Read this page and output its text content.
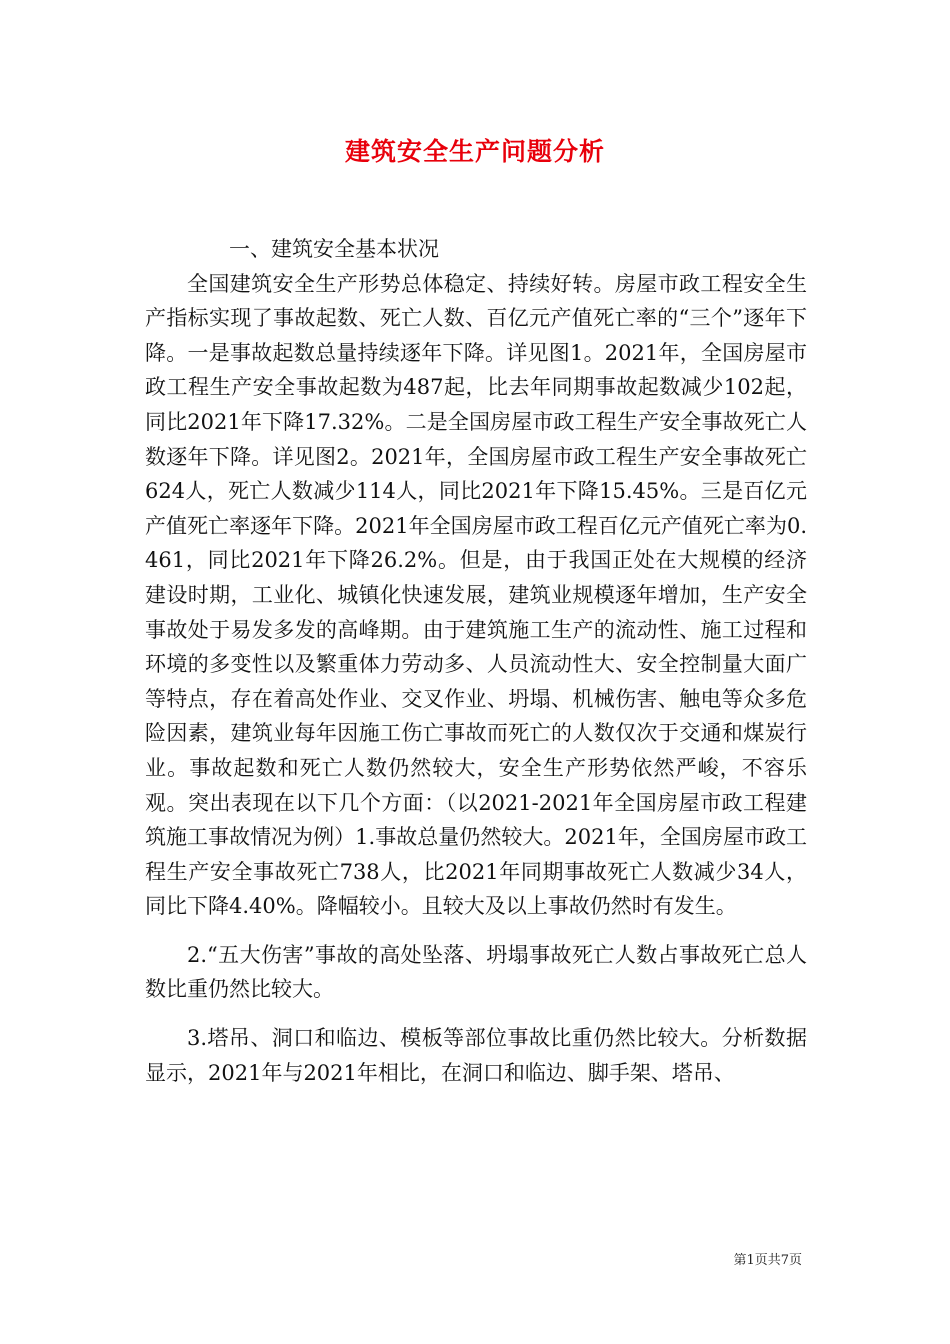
建筑安全生产问题分析

一、建筑安全基本状况

全国建筑安全生产形势总体稳定、持续好转。房屋市政工程安全生产指标实现了事故起数、死亡人数、百亿元产值死亡率的“三个”逐年下降。一是事故起数总量持续逐年下降。详见图1。2021年，全国房屋市政工程生产安全事故起数为487起，比去年同期事故起数减少102起，同比2021年下降17.32%。二是全国房屋市政工程生产安全事故死亡人数逐年下降。详见图2。2021年，全国房屋市政工程生产安全事故死亡624人，死亡人数减少114人，同比2021年下降15.45%。三是百亿元产值死亡率逐年下降。2021年全国房屋市政工程百亿元产值死亡率为0.461，同比2021年下降26.2%。但是，由于我国正处在大规模的经济建设时期，工业化、城镇化快速发展，建筑业规模逐年增加，生产安全事故处于易发多发的高峰期。由于建筑施工生产的流动性、施工过程和环境的多变性以及繁重体力劳动多、人员流动性大、安全控制量大面广等特点，存在着高处作业、交叉作业、坍塌、机械伤害、触电等众多危险因素，建筑业每年因施工伤亡事故而死亡的人数仅次于交通和煤炭行业。事故起数和死亡人数仍然较大，安全生产形势依然严峻，不容乐观。突出表现在以下几个方面：（以2021-2021年全国房屋市政工程建筑施工事故情况为例）1.事故总量仍然较大。2021年，全国房屋市政工程生产安全事故死亡738人，比2021年同期事故死亡人数减少34人，同比下降4.40%。降幅较小。且较大及以上事故仍然时有发生。

2.“五大伤害”事故的高处坠落、坍塌事故死亡人数占事故死亡总人数比重仍然比较大。

3.塔吊、洞口和临边、模板等部位事故比重仍然比较大。分析数据显示，2021年与2021年相比，在洞口和临边、脚手架、塔吊、

第1页共7页
